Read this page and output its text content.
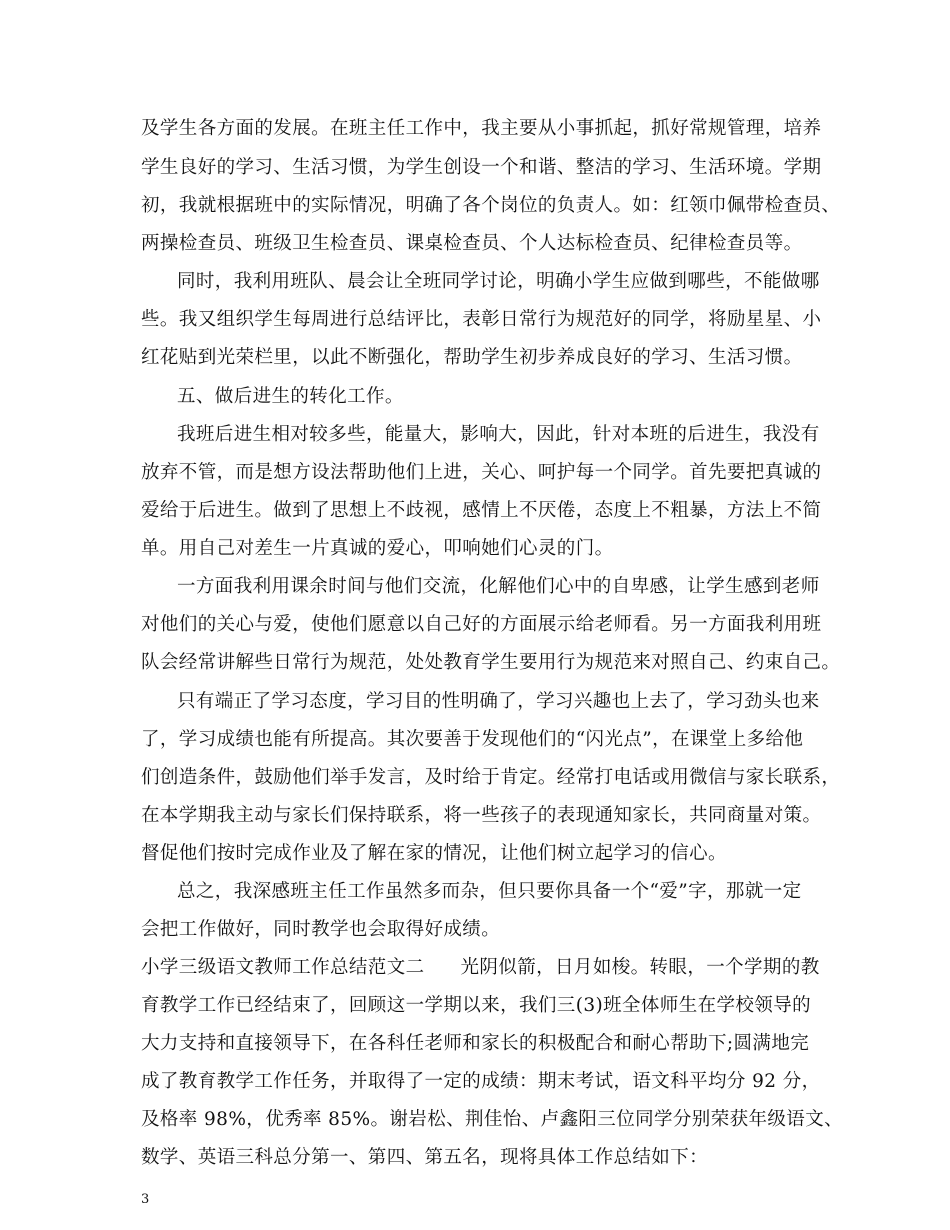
及学生各方面的发展。在班主任工作中，我主要从小事抓起，抓好常规管理，培养
学生良好的学习、生活习惯，为学生创设一个和谐、整洁的学习、生活环境。学期
初，我就根据班中的实际情况，明确了各个岗位的负责人。如：红领巾佩带检查员、
两操检查员、班级卫生检查员、课桌检查员、个人达标检查员、纪律检查员等。
同时，我利用班队、晨会让全班同学讨论，明确小学生应做到哪些，不能做哪
些。我又组织学生每周进行总结评比，表彰日常行为规范好的同学，将励星星、小
红花贴到光荣栏里，以此不断强化，帮助学生初步养成良好的学习、生活习惯。
五、做后进生的转化工作。
我班后进生相对较多些，能量大，影响大，因此，针对本班的后进生，我没有
放弃不管，而是想方设法帮助他们上进，关心、呵护每一个同学。首先要把真诚的
爱给于后进生。做到了思想上不歧视，感情上不厌倦，态度上不粗暴，方法上不简
单。用自己对差生一片真诚的爱心，叩响她们心灵的门。
一方面我利用课余时间与他们交流，化解他们心中的自卑感，让学生感到老师
对他们的关心与爱，使他们愿意以自己好的方面展示给老师看。另一方面我利用班
队会经常讲解些日常行为规范，处处教育学生要用行为规范来对照自己、约束自己。
只有端正了学习态度，学习目的性明确了，学习兴趣也上去了，学习劲头也来
了，学习成绩也能有所提高。其次要善于发现他们的“闪光点”，在课堂上多给他
们创造条件，鼓励他们举手发言，及时给于肯定。经常打电话或用微信与家长联系，
在本学期我主动与家长们保持联系，将一些孩子的表现通知家长，共同商量对策。
督促他们按时完成作业及了解在家的情况，让他们树立起学习的信心。
总之，我深感班主任工作虽然多而杂，但只要你具备一个“爱”字，那就一定
会把工作做好，同时教学也会取得好成绩。
小学三级语文教师工作总结范文二 光阴似箭，日月如梭。转眼，一个学期的教
育教学工作已经结束了，回顾这一学期以来，我们三(3)班全体师生在学校领导的
大力支持和直接领导下，在各科任老师和家长的积极配合和耐心帮助下;圆满地完
成了教育教学工作任务，并取得了一定的成绩：期末考试，语文科平均分 92 分，
及格率 98%，优秀率 85%。谢岩松、荆佳怡、卢鑫阳三位同学分别荣获年级语文、
数学、英语三科总分第一、第四、第五名，现将具体工作总结如下：
3
